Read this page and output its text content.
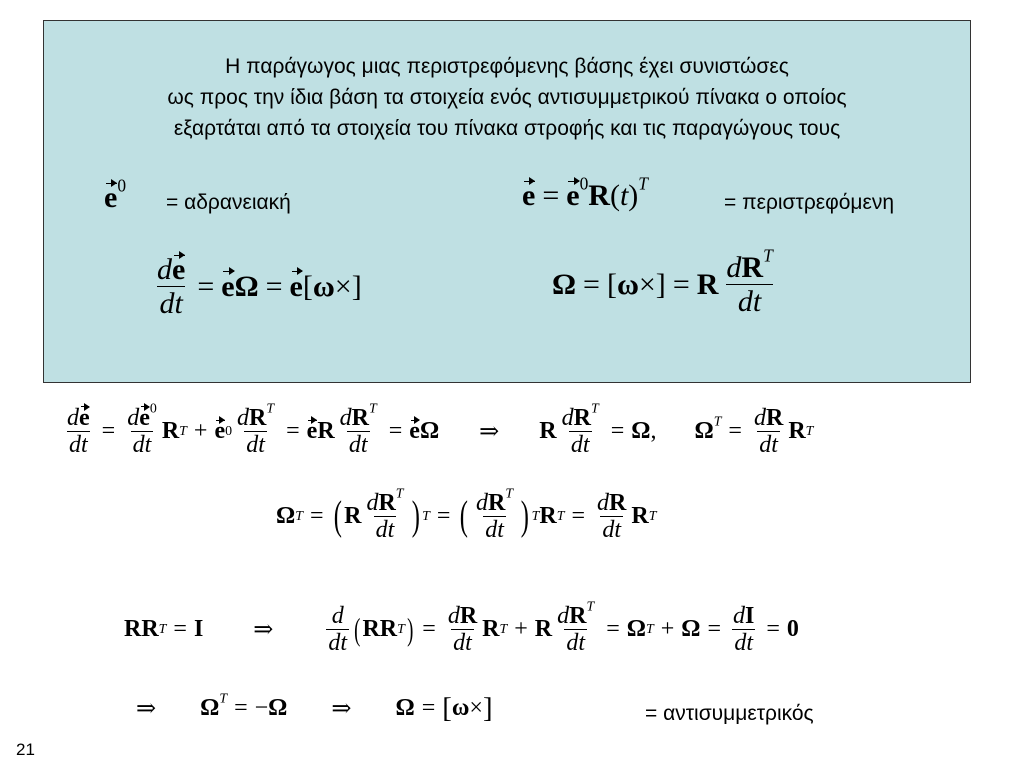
Η παράγωγος μιας περιστρεφόμενης βάσης έχει συνιστώσες
ως προς την ίδια βάση τα στοιχεία ενός αντισυμμετρικού πίνακα ο οποίος
εξαρτάται από τα στοιχεία του πίνακα στροφής και τις παραγώγους τους
$e^0$
= αδρανειακή	$e = e^0R(t)^T$
= περιστρεφόμενη
$\frac{de}{dt} = e$ Ω = e [ ω ×]	Ω = [ ω ×] = R $\frac{dR^T}{dt}$
$\frac{de}{dt} = \frac{de^0}{dt}$ R T + e $0 \frac{dR^T}{dt} = e$ R $\frac{dR^T}{dt} = e$ Ω ⇒ R $\frac{dR^T}{dt} = \Omega$ , $\Omega^T = \frac{dR}{dt}$ R T
Ω T = ( R $\frac{dR^T}{dt}$ ) T = ( $\frac{dR^T}{dt}$ ) T R $T = \frac{dR}{dt}$ R T
RR T = I ⇒ $\frac{d}{dt}$ ( RR T ) = $\frac{dR}{dt}$ R T + R $\frac{dR^T}{dt} = \Omega$ $T + \Omega = \frac{dI}{dt} = 0$
⇒ $\Omega^T$ = − Ω ⇒ Ω = [ ω × ]	= αντισυμμετρικός
21
